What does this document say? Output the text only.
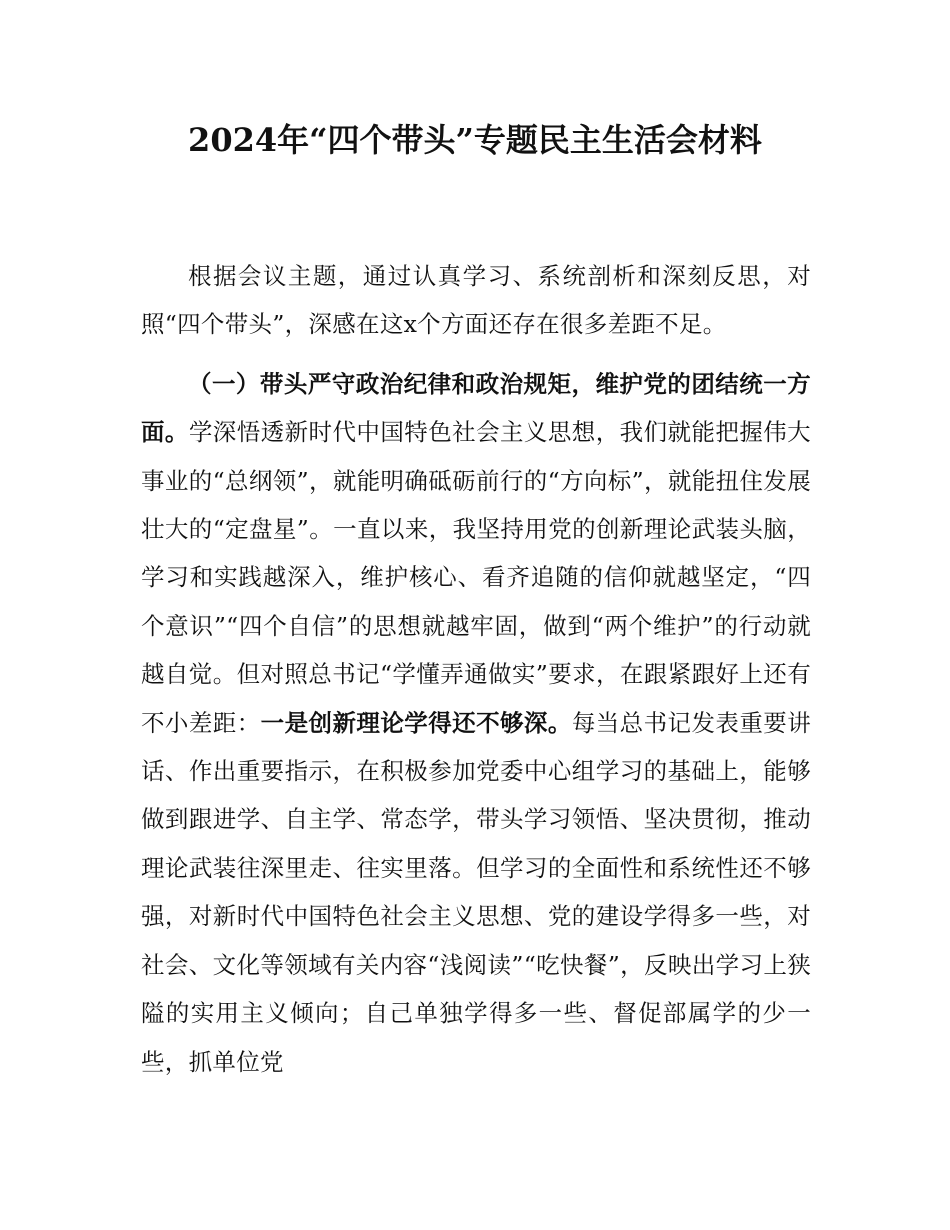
2024年“四个带头”专题民主生活会材料

根据会议主题，通过认真学习、系统剖析和深刻反思，对照“四个带头”，深感在这x个方面还存在很多差距不足。

（一）带头严守政治纪律和政治规矩，维护党的团结统一方面。学深悟透新时代中国特色社会主义思想，我们就能把握伟大事业的“总纲领”，就能明确砥砺前行的“方向标”，就能扭住发展壮大的“定盘星”。一直以来，我坚持用党的创新理论武装头脑，学习和实践越深入，维护核心、看齐追随的信仰就越坚定，“四个意识”“四个自信”的思想就越牢固，做到“两个维护”的行动就越自觉。但对照总书记“学懂弄通做实”要求，在跟紧跟好上还有不小差距：一是创新理论学得还不够深。每当总书记发表重要讲话、作出重要指示，在积极参加党委中心组学习的基础上，能够做到跟进学、自主学、常态学，带头学习领悟、坚决贯彻，推动理论武装往深里走、往实里落。但学习的全面性和系统性还不够强，对新时代中国特色社会主义思想、党的建设学得多一些，对社会、文化等领域有关内容“浅阅读”“吃快餐”，反映出学习上狭隘的实用主义倾向；自己单独学得多一些、督促部属学的少一些，抓单位党
